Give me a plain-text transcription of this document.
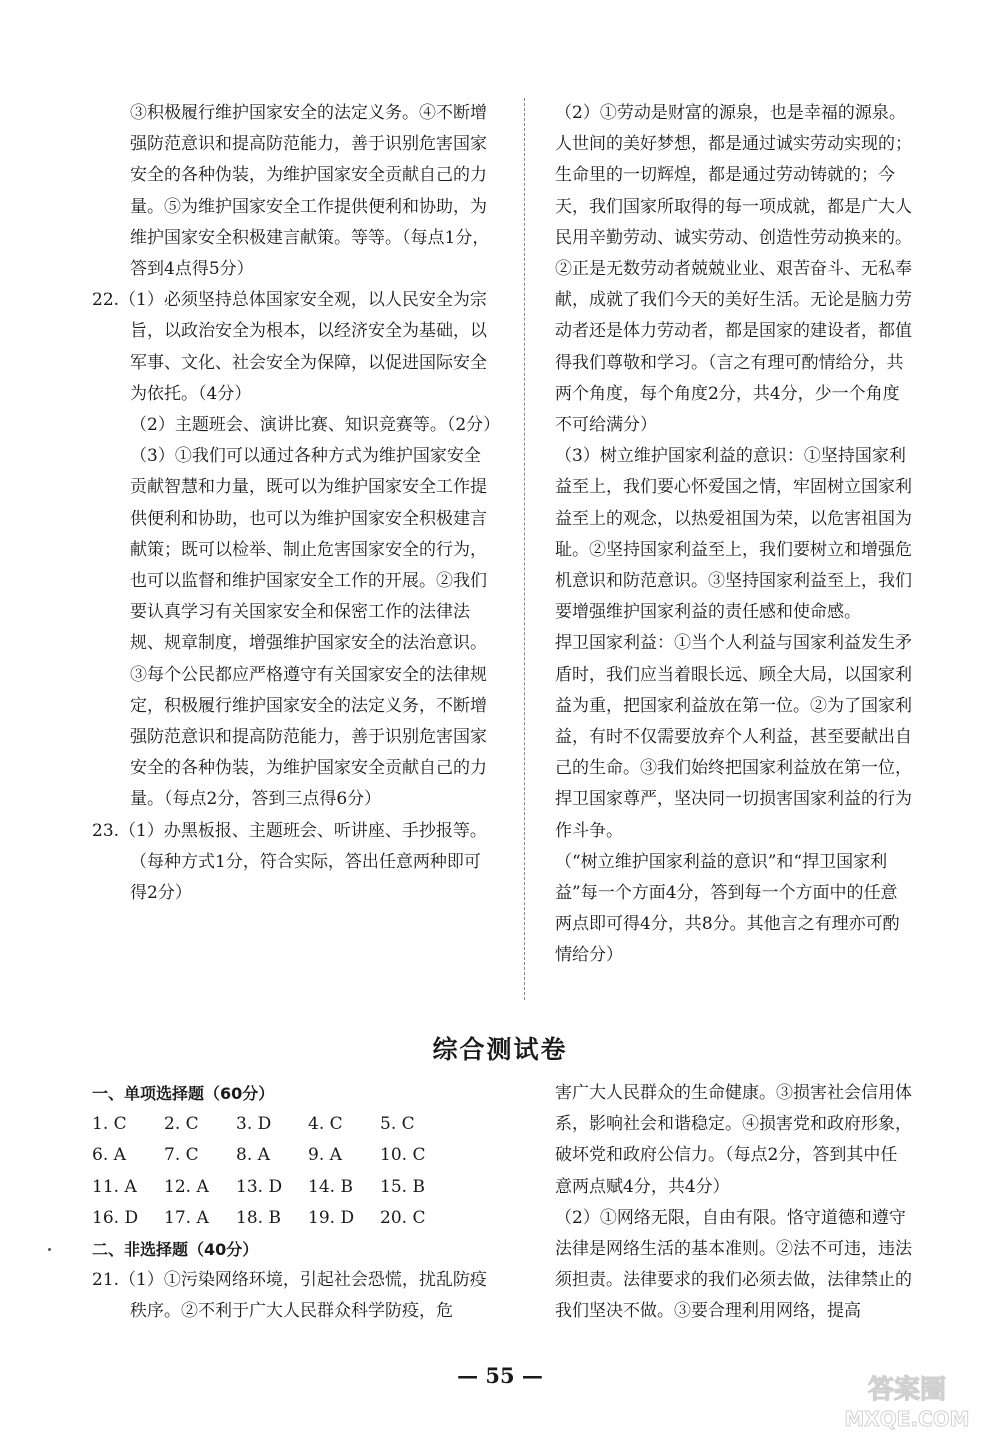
③积极履行维护国家安全的法定义务。④不断增强防范意识和提高防范能力，善于识别危害国家安全的各种伪装，为维护国家安全贡献自己的力量。⑤为维护国家安全工作提供便利和协助，为维护国家安全积极建言献策。等等。（每点1分，答到4点得5分）

22.（1）必须坚持总体国家安全观，以人民安全为宗旨，以政治安全为根本，以经济安全为基础，以军事、文化、社会安全为保障，以促进国际安全为依托。（4分）

（2）主题班会、演讲比赛、知识竞赛等。（2分）

（3）①我们可以通过各种方式为维护国家安全贡献智慧和力量，既可以为维护国家安全工作提供便利和协助，也可以为维护国家安全积极建言献策；既可以检举、制止危害国家安全的行为，也可以监督和维护国家安全工作的开展。②我们要认真学习有关国家安全和保密工作的法律法规、规章制度，增强维护国家安全的法治意识。③每个公民都应严格遵守有关国家安全的法律规定，积极履行维护国家安全的法定义务，不断增强防范意识和提高防范能力，善于识别危害国家安全的各种伪装，为维护国家安全贡献自己的力量。（每点2分，答到三点得6分）

23.（1）办黑板报、主题班会、听讲座、手抄报等。（每种方式1分，符合实际，答出任意两种即可得2分）

（2）①劳动是财富的源泉，也是幸福的源泉。人世间的美好梦想，都是通过诚实劳动实现的；生命里的一切辉煌，都是通过劳动铸就的；今天，我们国家所取得的每一项成就，都是广大人民用辛勤劳动、诚实劳动、创造性劳动换来的。②正是无数劳动者兢兢业业、艰苦奋斗、无私奉献，成就了我们今天的美好生活。无论是脑力劳动者还是体力劳动者，都是国家的建设者，都值得我们尊敬和学习。（言之有理可酌情给分，共两个角度，每个角度2分，共4分，少一个角度不可给满分）

（3）树立维护国家利益的意识：①坚持国家利益至上，我们要心怀爱国之情，牢固树立国家利益至上的观念，以热爱祖国为荣，以危害祖国为耻。②坚持国家利益至上，我们要树立和增强危机意识和防范意识。③坚持国家利益至上，我们要增强维护国家利益的责任感和使命感。

捍卫国家利益：①当个人利益与国家利益发生矛盾时，我们应当着眼长远、顾全大局，以国家利益为重，把国家利益放在第一位。②为了国家利益，有时不仅需要放弃个人利益，甚至要献出自己的生命。③我们始终把国家利益放在第一位，捍卫国家尊严，坚决同一切损害国家利益的行为作斗争。

（“树立维护国家利益的意识”和“捍卫国家利益”每一个方面4分，答到每一个方面中的任意两点即可得4分，共8分。其他言之有理亦可酌情给分）

综合测试卷

一、单项选择题（60分）

1. C	2. C	3. D	4. C	5. C
6. A	7. C	8. A	9. A	10. C
11. A	12. A	13. D	14. B	15. B
16. D	17. A	18. B	19. D	20. C

二、非选择题（40分）

21.（1）①污染网络环境，引起社会恐慌，扰乱防疫秩序。②不利于广大人民群众科学防疫，危

害广大人民群众的生命健康。③损害社会信用体系，影响社会和谐稳定。④损害党和政府形象，破坏党和政府公信力。（每点2分，答到其中任意两点赋4分，共4分）

（2）①网络无限，自由有限。恪守道德和遵守法律是网络生活的基本准则。②法不可违，违法须担责。法律要求的我们必须去做，法律禁止的我们坚决不做。③要合理利用网络，提高

— 55 —	答案圈
MXQE.COM
